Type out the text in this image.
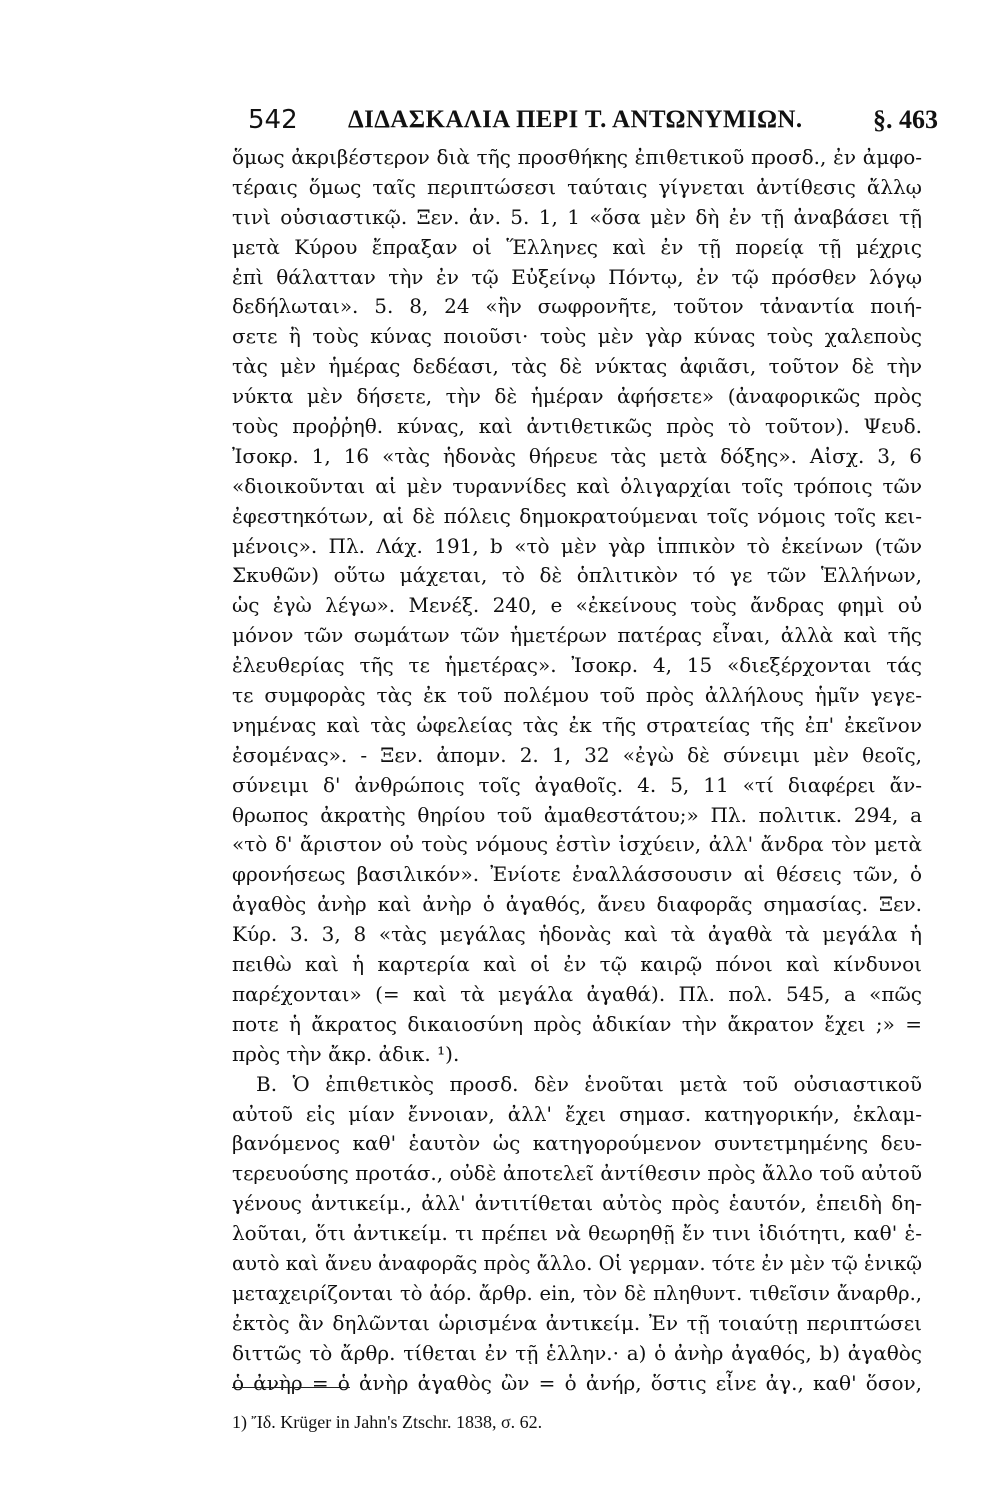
542 ΔΙΔΑΣΚΑΛΙΑ ΠΕΡΙ Τ. ΑΝΤΩΝΥΜΙΩΝ.	§. 463
ὅμως ἀκριβέστερον διὰ τῆς προσθήκης ἐπιθετικοῦ προσδ., ἐν ἀμφο-
τέραις ὅμως ταῖς περιπτώσεσι ταύταις γίγνεται ἀντίθεσις ἄλλῳ
τινὶ οὐσιαστικῷ. Ξεν. ἀν. 5. 1, 1 «ὅσα μὲν δὴ ἐν τῇ ἀναβάσει τῇ
μετὰ Κύρου ἔπραξαν οἱ Ἕλληνες καὶ ἐν τῇ πορείᾳ τῇ μέχρις
ἐπὶ θάλατταν τὴν ἐν τῷ Εὐξείνῳ Πόντῳ, ἐν τῷ πρόσθεν λόγῳ
δεδήλωται». 5. 8, 24 «ἢν σωφρονῆτε, τοῦτον τἀναντία ποιή-
σετε ἢ τοὺς κύνας ποιοῦσι· τοὺς μὲν γὰρ κύνας τοὺς χαλεποὺς
τὰς μὲν ἡμέρας δεδέασι, τὰς δὲ νύκτας ἀφιᾶσι, τοῦτον δὲ τὴν
νύκτα μὲν δήσετε, τὴν δὲ ἡμέραν ἀφήσετε» (ἀναφορικῶς πρὸς
τοὺς προῤῥηθ. κύνας, καὶ ἀντιθετικῶς πρὸς τὸ τοῦτον). Ψευδ.
Ἰσοκρ. 1, 16 «τὰς ἡδονὰς θήρευε τὰς μετὰ δόξης». Αἰσχ. 3, 6
«διοικοῦνται αἱ μὲν τυραννίδες καὶ ὀλιγαρχίαι τοῖς τρόποις τῶν
ἐφεστηκότων, αἱ δὲ πόλεις δημοκρατούμεναι τοῖς νόμοις τοῖς κει-
μένοις». Πλ. Λάχ. 191, b «τὸ μὲν γὰρ ἱππικὸν τὸ ἐκείνων (τῶν
Σκυθῶν) οὕτω μάχεται, τὸ δὲ ὁπλιτικὸν τό γε τῶν Ἑλλήνων,
ὡς ἐγὼ λέγω». Μενέξ. 240, e «ἐκείνους τοὺς ἄνδρας φημὶ οὐ
μόνον τῶν σωμάτων τῶν ἡμετέρων πατέρας εἶναι, ἀλλὰ καὶ τῆς
ἐλευθερίας τῆς τε ἡμετέρας». Ἰσοκρ. 4, 15 «διεξέρχονται τάς
τε συμφορὰς τὰς ἐκ τοῦ πολέμου τοῦ πρὸς ἀλλήλους ἡμῖν γεγε-
νημένας καὶ τὰς ὠφελείας τὰς ἐκ τῆς στρατείας τῆς ἐπ' ἐκεῖνον
ἐσομένας». - Ξεν. ἀπομν. 2. 1, 32 «ἐγὼ δὲ σύνειμι μὲν θεοῖς,
σύνειμι δ' ἀνθρώποις τοῖς ἀγαθοῖς. 4. 5, 11 «τί διαφέρει ἄν-
θρωπος ἀκρατὴς θηρίου τοῦ ἀμαθεστάτου;» Πλ. πολιτικ. 294, a
«τὸ δ' ἄριστον οὐ τοὺς νόμους ἐστὶν ἰσχύειν, ἀλλ' ἄνδρα τὸν μετὰ
φρονήσεως βασιλικόν». Ἐνίοτε ἐναλλάσσουσιν αἱ θέσεις τῶν, ὁ
ἀγαθὸς ἀνὴρ καὶ ἀνὴρ ὁ ἀγαθός, ἄνευ διαφορᾶς σημασίας. Ξεν.
Κύρ. 3. 3, 8 «τὰς μεγάλας ἡδονὰς καὶ τὰ ἀγαθὰ τὰ μεγάλα ἡ
πειθὼ καὶ ἡ καρτερία καὶ οἱ ἐν τῷ καιρῷ πόνοι καὶ κίνδυνοι
παρέχονται» (= καὶ τὰ μεγάλα ἀγαθά). Πλ. πολ. 545, a «πῶς
ποτε ἡ ἄκρατος δικαιοσύνη πρὸς ἀδικίαν τὴν ἄκρατον ἔχει ;» =
πρὸς τὴν ἄκρ. ἀδικ. ¹).
Β. Ὁ ἐπιθετικὸς προσδ. δὲν ἑνοῦται μετὰ τοῦ οὐσιαστικοῦ
αὐτοῦ εἰς μίαν ἔννοιαν, ἀλλ' ἔχει σημασ. κατηγορικήν, ἐκλαμ-
βανόμενος καθ' ἑαυτὸν ὡς κατηγορούμενον συντετμημένης δευ-
τερευούσης προτάσ., οὐδὲ ἀποτελεῖ ἀντίθεσιν πρὸς ἄλλο τοῦ αὐτοῦ
γένους ἀντικείμ., ἀλλ' ἀντιτίθεται αὐτὸς πρὸς ἑαυτόν, ἐπειδὴ δη-
λοῦται, ὅτι ἀντικείμ. τι πρέπει νὰ θεωρηθῇ ἔν τινι ἰδιότητι, καθ' ἑ-
αυτὸ καὶ ἄνευ ἀναφορᾶς πρὸς ἄλλο. Οἱ γερμαν. τότε ἐν μὲν τῷ ἑνικῷ
μεταχειρίζονται τὸ ἀόρ. ἄρθρ. ein, τὸν δὲ πληθυντ. τιθεῖσιν ἄναρθρ.,
ἐκτὸς ἂν δηλῶνται ὡρισμένα ἀντικείμ. Ἐν τῇ τοιαύτῃ περιπτώσει
διττῶς τὸ ἄρθρ. τίθεται ἐν τῇ ἑλλην.· a) ὁ ἀνὴρ ἀγαθός, b) ἀγαθὸς
ὁ ἀνὴρ = ὁ ἀνὴρ ἀγαθὸς ὢν = ὁ ἀνήρ, ὅστις εἶνε ἀγ., καθ' ὅσον,
1) Ἴδ. Krüger in Jahn's Ztschr. 1838, σ. 62.
